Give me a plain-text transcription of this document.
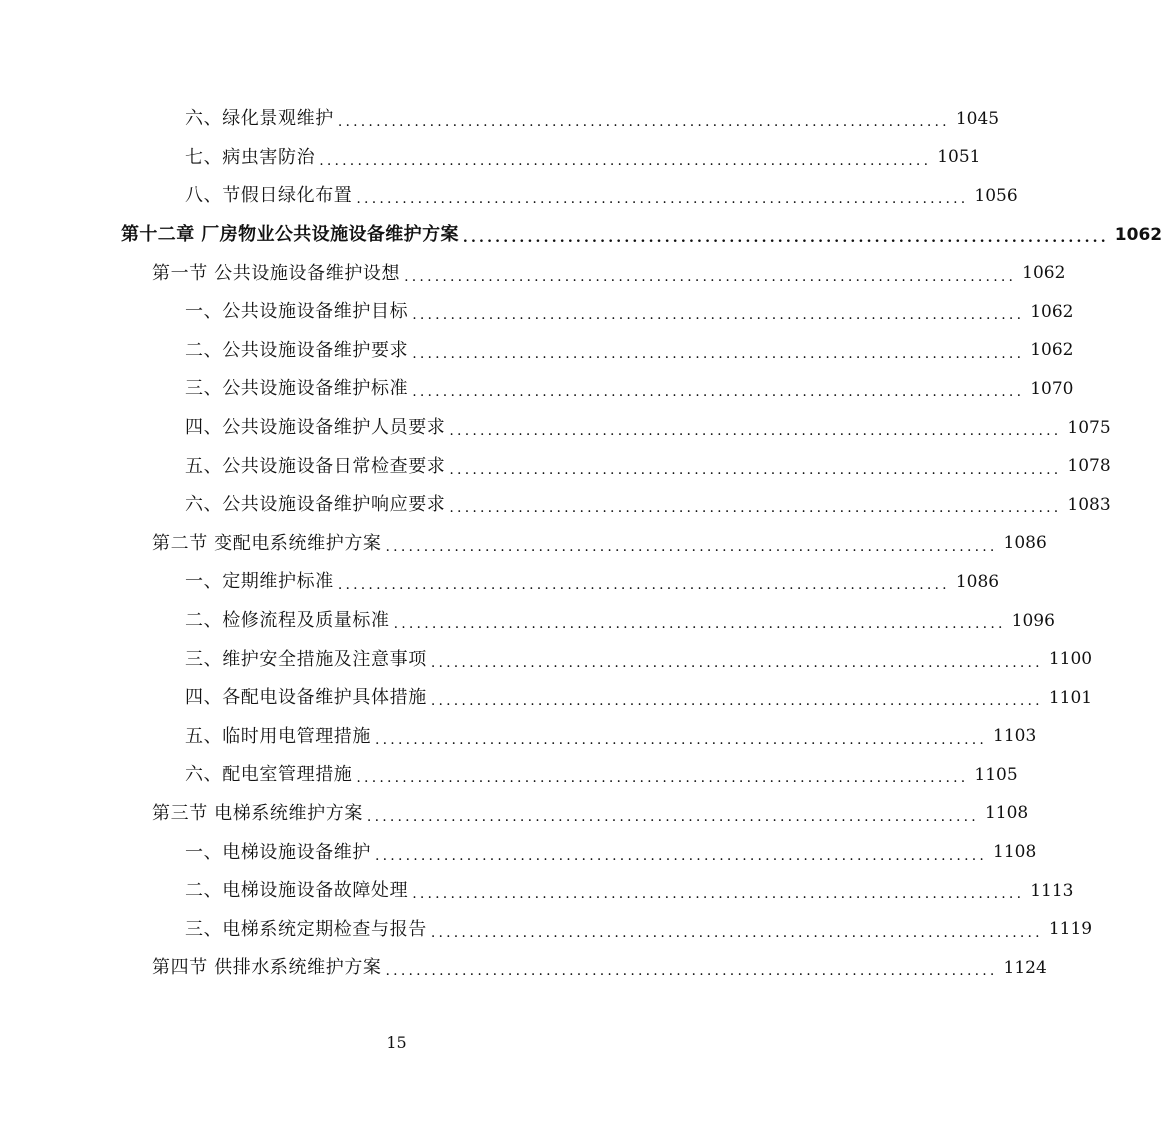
六、绿化景观维护 ................................................................................ 1045
七、病虫害防治 ................................................................................ 1051
八、节假日绿化布置 ................................................................................ 1056
第十二章 厂房物业公共设施设备维护方案 ................................................................................ 1062
第一节 公共设施设备维护设想 ................................................................................ 1062
一、公共设施设备维护目标 ................................................................................ 1062
二、公共设施设备维护要求 ................................................................................ 1062
三、公共设施设备维护标准 ................................................................................ 1070
四、公共设施设备维护人员要求 ................................................................................ 1075
五、公共设施设备日常检查要求 ................................................................................ 1078
六、公共设施设备维护响应要求 ................................................................................ 1083
第二节 变配电系统维护方案 ................................................................................ 1086
一、定期维护标准 ................................................................................ 1086
二、检修流程及质量标准 ................................................................................ 1096
三、维护安全措施及注意事项 ................................................................................ 1100
四、各配电设备维护具体措施 ................................................................................ 1101
五、临时用电管理措施 ................................................................................ 1103
六、配电室管理措施 ................................................................................ 1105
第三节 电梯系统维护方案 ................................................................................ 1108
一、电梯设施设备维护 ................................................................................ 1108
二、电梯设施设备故障处理 ................................................................................ 1113
三、电梯系统定期检查与报告 ................................................................................ 1119
第四节 供排水系统维护方案 ................................................................................ 1124
15
